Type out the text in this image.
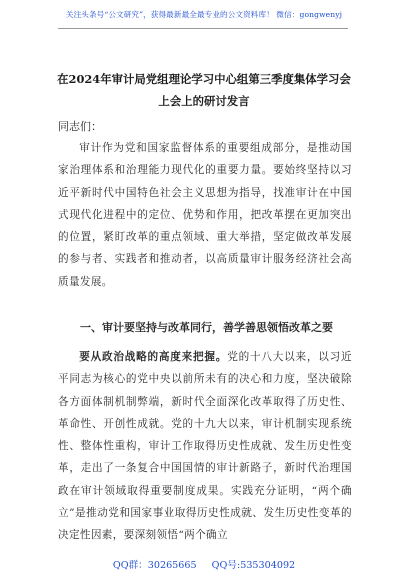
关注头条号“公文研究”，获得最新最全最专业的公文资料库！ 微信：gongwenyj
在2024年审计局党组理论学习中心组第三季度集体学习会
上会上的研讨发言
同志们：

审计作为党和国家监督体系的重要组成部分，是推动国家治理体系和治理能力现代化的重要力量。要始终坚持以习近平新时代中国特色社会主义思想为指导，找准审计在中国式现代化进程中的定位、优势和作用，把改革摆在更加突出的位置，紧盯改革的重点领域、重大举措，坚定做改革发展的参与者、实践者和推动者，以高质量审计服务经济社会高质量发展。

一、审计要坚持与改革同行，善学善思领悟改革之要

要从政治战略的高度来把握。党的十八大以来，以习近平同志为核心的党中央以前所未有的决心和力度，坚决破除各方面体制机制弊端，新时代全面深化改革取得了历史性、革命性、开创性成就。党的十九大以来，审计机制实现系统性、整体性重构，审计工作取得历史性成就、发生历史性变革，走出了一条复合中国国情的审计新路子，新时代治理国政在审计领域取得重要制度成果。实践充分证明，“两个确立”是推动党和国家事业取得历史性成就、发生历史性变革的决定性因素，要深刻领悟“两个确立

QQ群：30265665 QQ号:535304092
